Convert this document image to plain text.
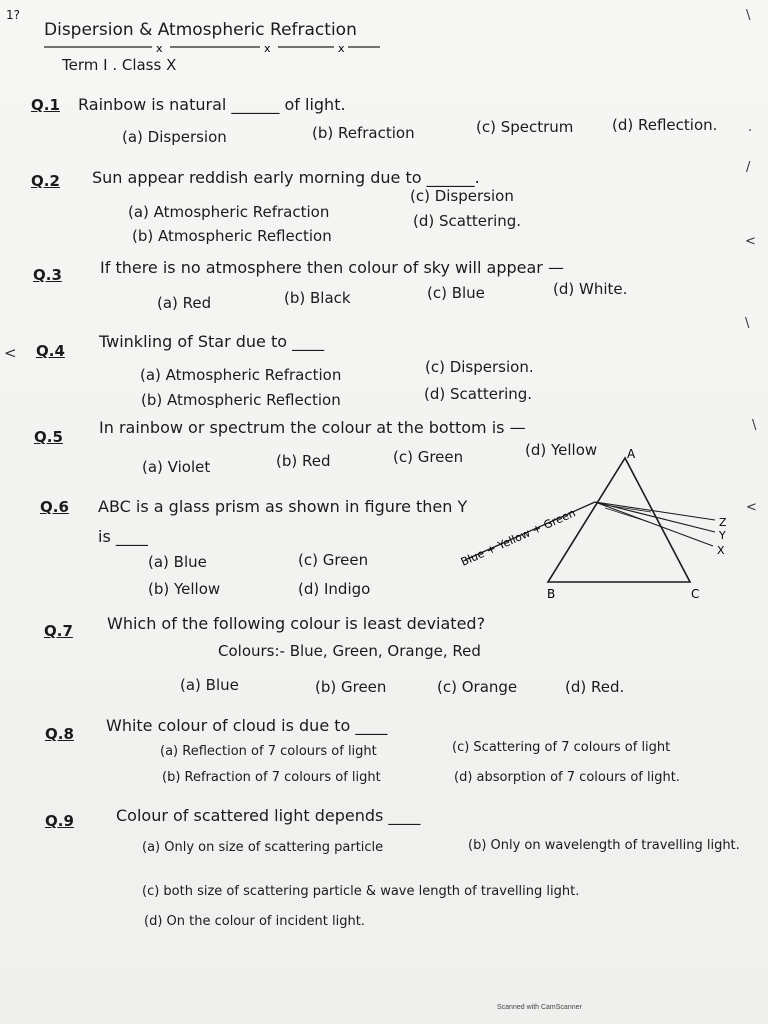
1?
Dispersion & Atmospheric Refraction
x	x	x
Term I . Class X
\
.
/
\
<
<
<
\
Q.1 Rainbow is natural ______ of light.
(a) Dispersion	(b) Refraction	(c) Spectrum	(d) Reflection.
Q.2 Sun appear reddish early morning due to ______.
(a) Atmospheric Refraction
(c) Dispersion
(b) Atmospheric Reflection
(d) Scattering.
Q.3 If there is no atmosphere then colour of sky will appear —
(a) Red	(b) Black	(c) Blue	(d) White.
Q.4 Twinkling of Star due to ____
(a) Atmospheric Refraction	(c) Dispersion.
(b) Atmospheric Reflection	(d) Scattering.
Q.5 In rainbow or spectrum the colour at the bottom is —
(a) Violet	(b) Red	(c) Green	(d) Yellow
Q.6 ABC is a glass prism as shown in figure then Y is ____
(a) Blue	(c) Green
(b) Yellow	(d) Indigo
A
B	C
Blue + Yellow + Green	Z
Y
X
Q.7 Which of the following colour is least deviated?
Colours:- Blue, Green, Orange, Red
(a) Blue	(b) Green	(c) Orange	(d) Red.
Q.8 White colour of cloud is due to ____
(a) Reflection of 7 colours of light	(c) Scattering of 7 colours of light
(b) Refraction of 7 colours of light	(d) absorption of 7 colours of light.
Q.9	Colour of scattered light depends ____
(a) Only on size of scattering particle	(b) Only on wavelength of travelling light.
(c) both size of scattering particle & wave length of travelling light.
(d) On the colour of incident light.
Scanned with CamScanner
